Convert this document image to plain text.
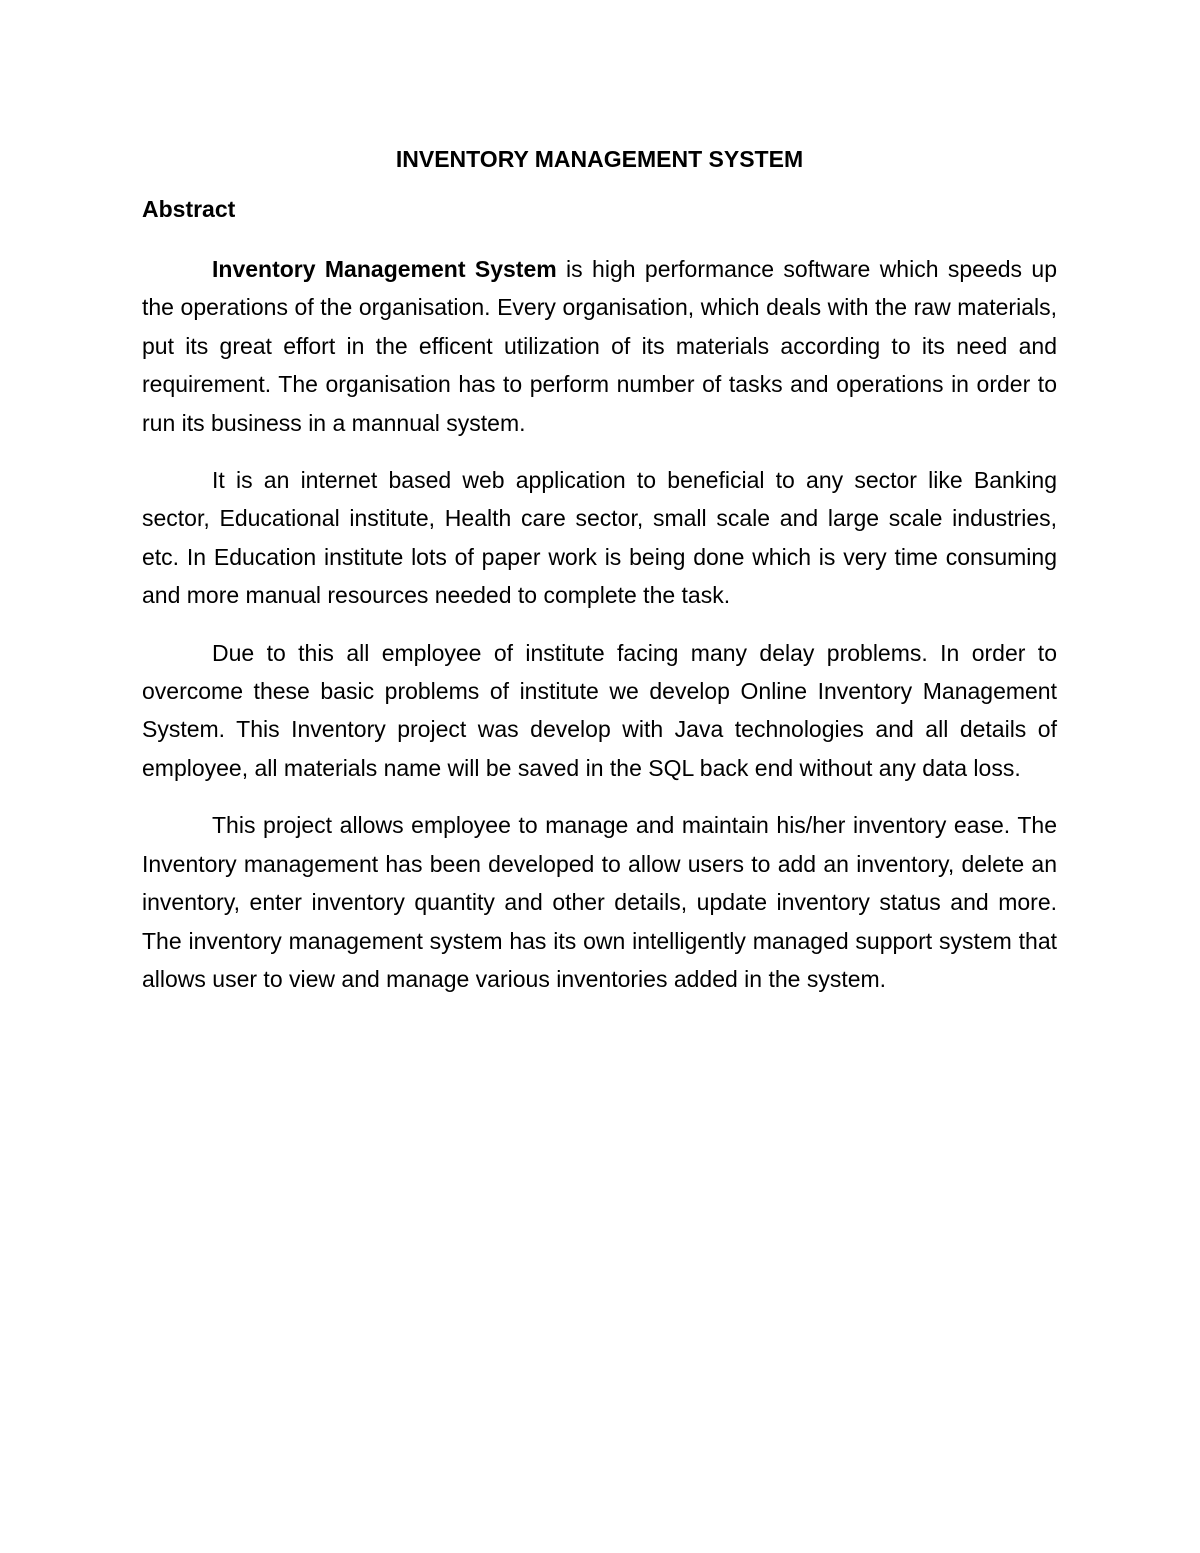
INVENTORY MANAGEMENT SYSTEM
Abstract

Inventory Management System is high performance software which speeds up the operations of the organisation. Every organisation, which deals with the raw materials, put its great effort in the efficent utilization of its materials according to its need and requirement. The organisation has to perform number of tasks and operations in order to run its business in a mannual system.

It is an internet based web application to beneficial to any sector like Banking sector, Educational institute, Health care sector, small scale and large scale industries, etc. In Education institute lots of paper work is being done which is very time consuming and more manual resources needed to complete the task.

Due to this all employee of institute facing many delay problems. In order to overcome these basic problems of institute we develop Online Inventory Management System. This Inventory project was develop with Java technologies and all details of employee, all materials name will be saved in the SQL back end without any data loss.

This project allows employee to manage and maintain his/her inventory ease. The Inventory management has been developed to allow users to add an inventory, delete an inventory, enter inventory quantity and other details, update inventory status and more. The inventory management system has its own intelligently managed support system that allows user to view and manage various inventories added in the system.
